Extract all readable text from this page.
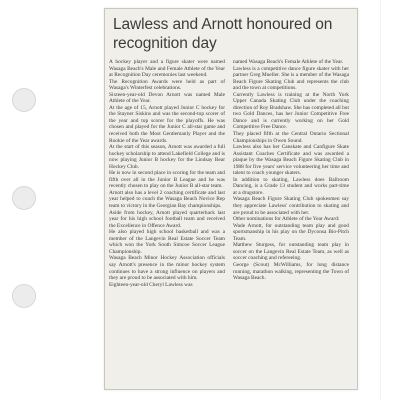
Lawless and Arnott honoured on recognition day

A hockey player and a figure skater were named Wasaga Beach's Male and Female Athlete of the Year at Recognition Day ceremonies last weekend.

The Recognition Awards were held as part of Wasaga's Winterfest celebrations.

Sixteen-year-old Devon Arnott was named Male Athlete of the Year.

At the age of 15, Arnott played Junior C hockey for the Stayner Siskins and was the second-top scorer of the year and top scorer for the playoffs. He was chosen and played for the Junior C all-star game and received both the Most Gentlemanly Player and the Rookie of the Year awards.

At the start of this season, Arnott was awarded a full hockey scholarship to attend Lakefield College and is now playing Junior B hockey for the Lindsay Bear Hockey Club.

He is now in second place in scoring for the team and fifth over all in the Junior B League and he was recently chosen to play on the Junior B all-star team.

Arnott also has a level 2 coaching certificate and last year helped to coach the Wasaga Beach Novice Rep team to victory in the Georgian Bay championships.

Aside from hockey, Arnott played quarterback last year for his high school football team and received the Excellence in Offence Award.

He also played high school basketball and was a member of the Langevin Real Estate Soccer Team which won the York South Simcoe Soccer League Championship.

Wasaga Beach Minor Hockey Association officials say Arnott's presence in the minor hockey system continues to have a strong influence on players and they are proud to be associated with him.

Eighteen-year-old Cheryl Lawless was

named Wasaga Beach's Female Athlete of the Year.

Lawless is a competitive dance figure skater with her partner Greg Mueller. She is a member of the Wasaga Beach Figure Skating Club and represents the club and the town at competitions.

Currently Lawless is training at the North York Upper Canada Skating Club under the coaching direction of Roy Bradshaw. She has completed all but two Gold Dances, has her Junior Competitive Free Dance and is currently working on her Gold Competitive Free Dance.

They placed fifth at the Central Ontario Sectional Championships in Owen Sound.

Lawless also has her Canskate and Canfigure Skate Assistant Coaches Certificate and was awarded a plaque by the Wasaga Beach Figure Skating Club in 1988 for five years' service volunteering her time and talent to coach younger skaters.

In addition to skating, Lawless does Ballroom Dancing, is a Grade 13 student and works part-time at a drugstore.

Wasaga Beach Figure Skating Club spokesmen say they appreciate Lawless' contribution to skating and are proud to be associated with her.

Other nominations for Athlete of the Year Award:

Wade Arnott, for outstanding team play and good sportsmanship in his play on the Dyconsa Bio-Pitch Team.

Matthew Sturgess, for outstanding team play in soccer on the Langevin Real Estate Team, as well as soccer coaching and refereeing.

George (Scout) McWilliams, for long distance running, marathon walking, representing the Town of Wasaga Beach.
